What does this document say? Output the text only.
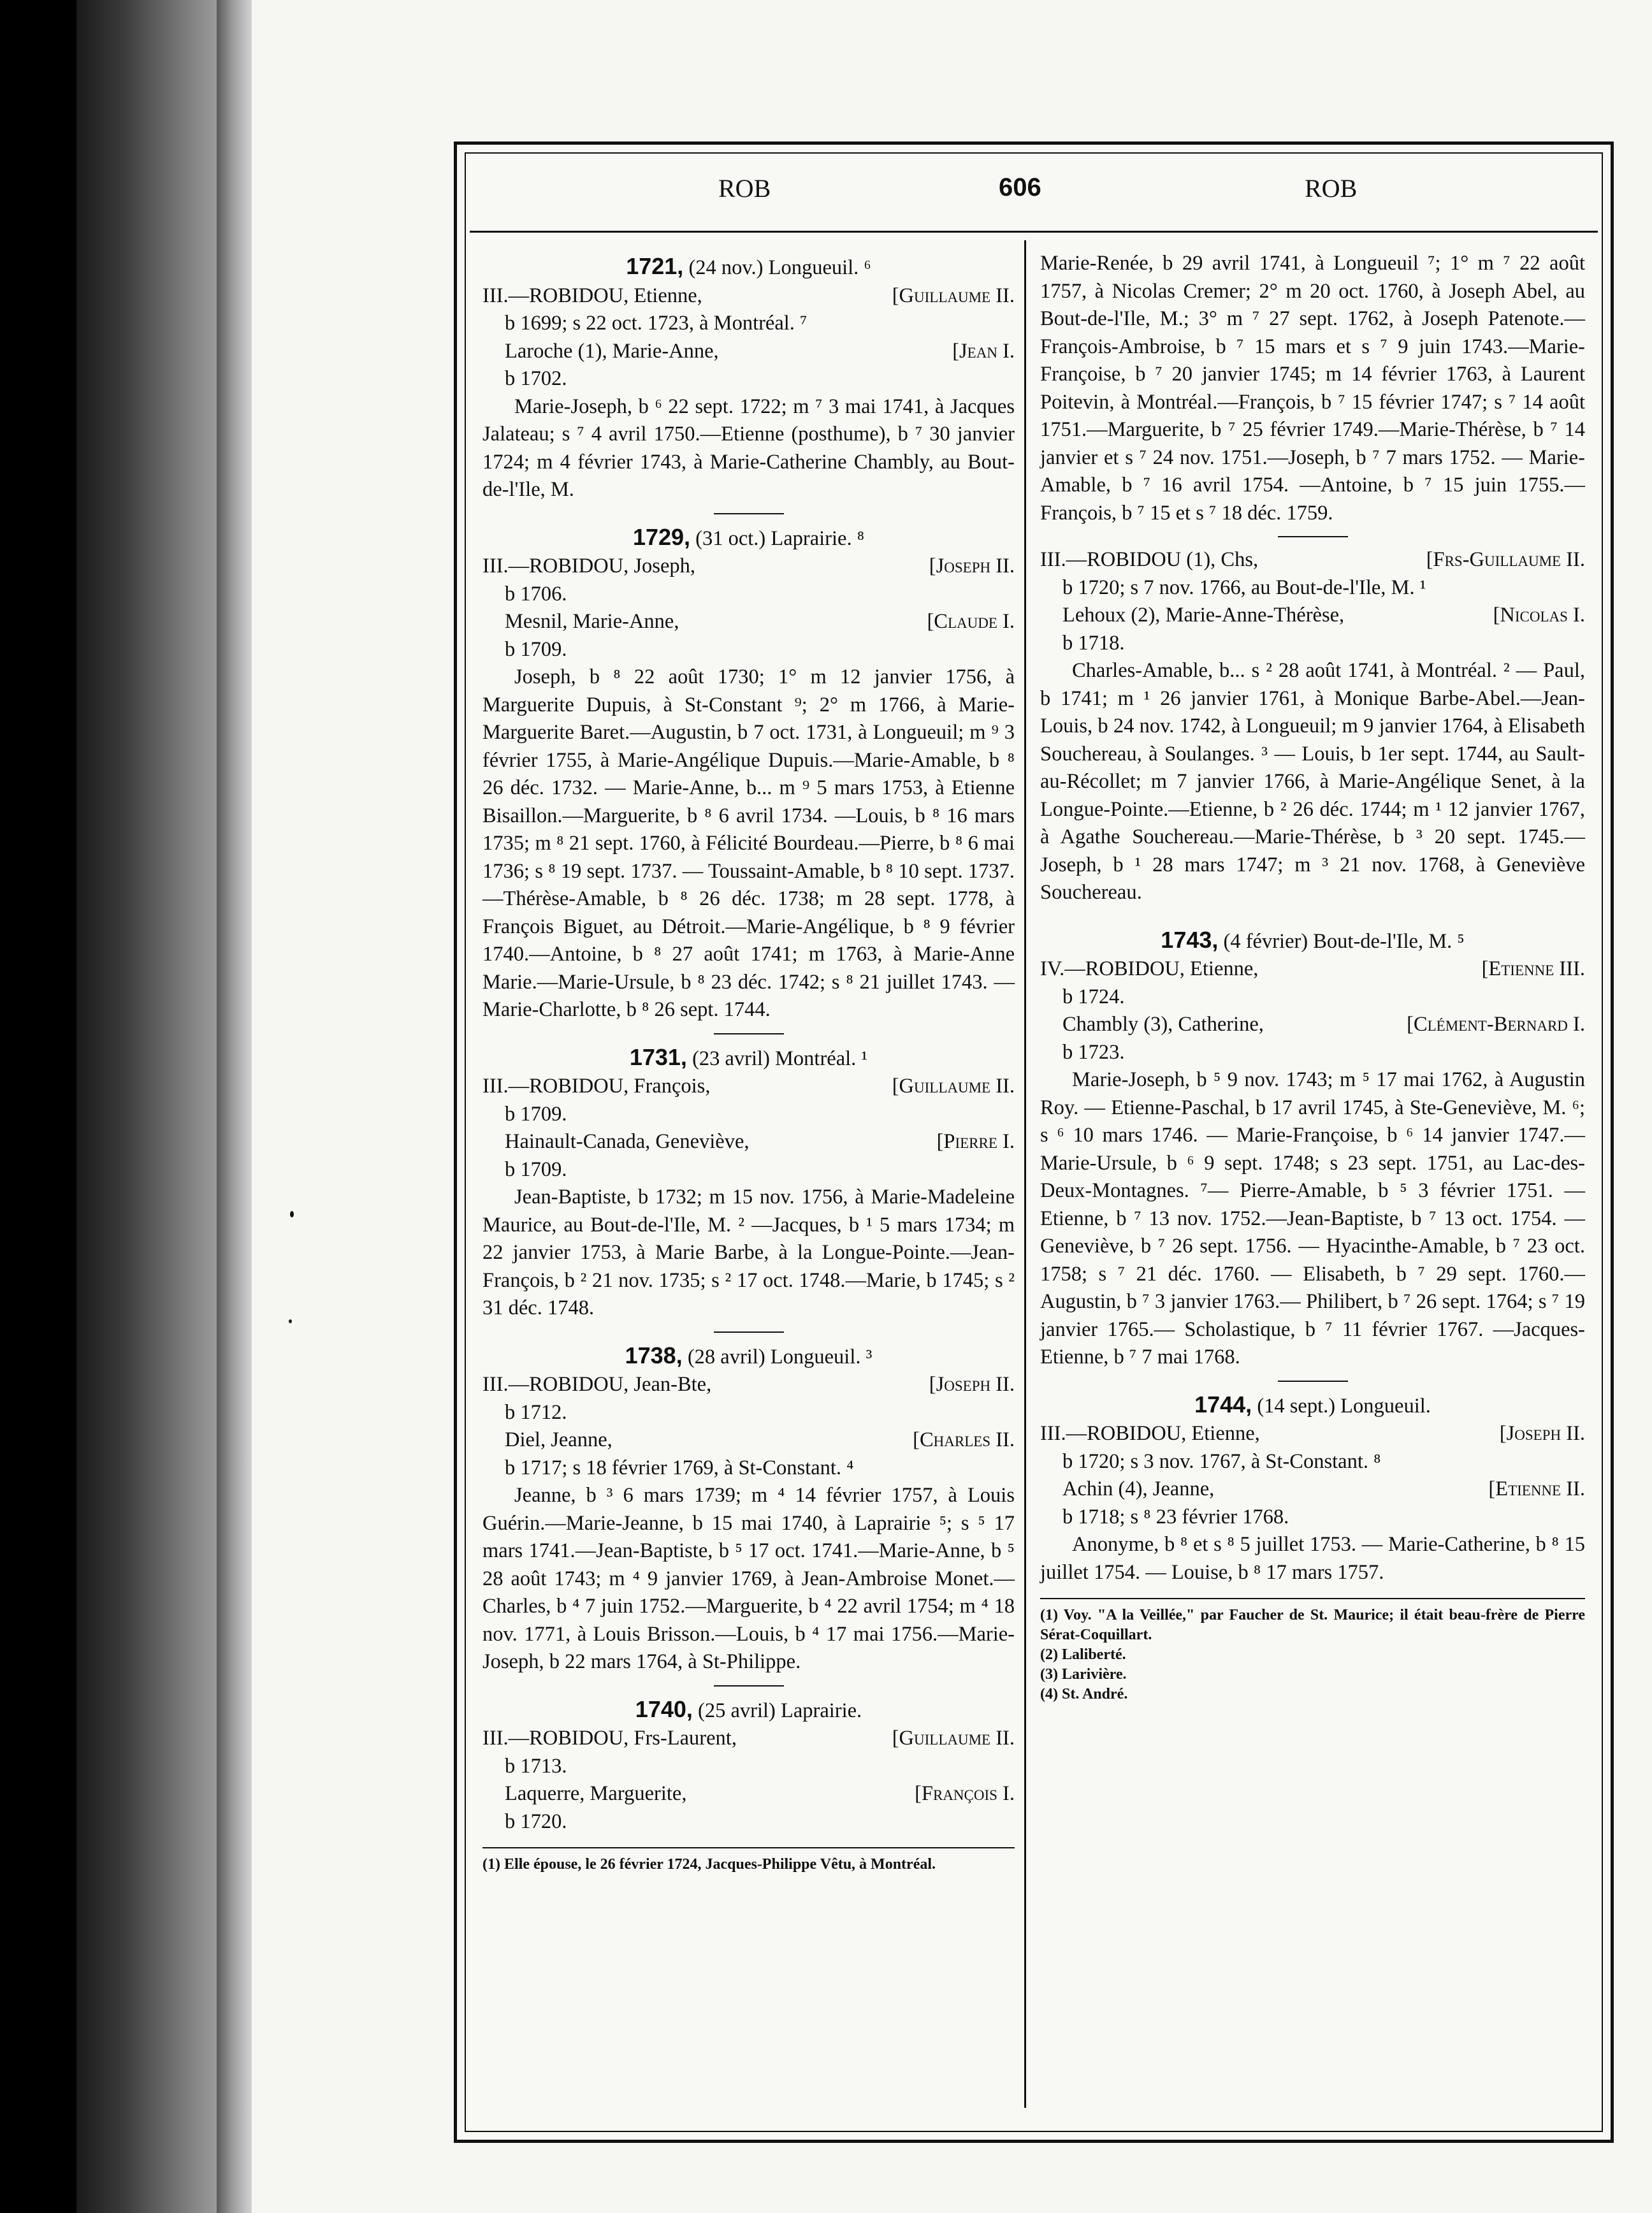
ROB	606	ROB

1721, (24 nov.) Longueuil. ⁶

III.—ROBIDOU, Etienne,	[Guillaume II.

b 1699; s 22 oct. 1723, à Montréal. ⁷

Laroche (1), Marie-Anne,	[Jean I.

b 1702.

Marie-Joseph, b ⁶ 22 sept. 1722; m ⁷ 3 mai 1741, à Jacques Jalateau; s ⁷ 4 avril 1750.—Etienne (posthume), b ⁷ 30 janvier 1724; m 4 février 1743, à Marie-Catherine Chambly, au Bout-de-l'Ile, M.

1729, (31 oct.) Laprairie. ⁸

III.—ROBIDOU, Joseph,	[Joseph II.

b 1706.

Mesnil, Marie-Anne,	[Claude I.

b 1709.

Joseph, b ⁸ 22 août 1730; 1° m 12 janvier 1756, à Marguerite Dupuis, à St-Constant ⁹; 2° m 1766, à Marie-Marguerite Baret.—Augustin, b 7 oct. 1731, à Longueuil; m ⁹ 3 février 1755, à Marie-Angélique Dupuis.—Marie-Amable, b ⁸ 26 déc. 1732. — Marie-Anne, b... m ⁹ 5 mars 1753, à Etienne Bisaillon.—Marguerite, b ⁸ 6 avril 1734. —Louis, b ⁸ 16 mars 1735; m ⁸ 21 sept. 1760, à Félicité Bourdeau.—Pierre, b ⁸ 6 mai 1736; s ⁸ 19 sept. 1737. — Toussaint-Amable, b ⁸ 10 sept. 1737.—Thérèse-Amable, b ⁸ 26 déc. 1738; m 28 sept. 1778, à François Biguet, au Détroit.—Marie-Angélique, b ⁸ 9 février 1740.—Antoine, b ⁸ 27 août 1741; m 1763, à Marie-Anne Marie.—Marie-Ursule, b ⁸ 23 déc. 1742; s ⁸ 21 juillet 1743. —Marie-Charlotte, b ⁸ 26 sept. 1744.

1731, (23 avril) Montréal. ¹

III.—ROBIDOU, François,	[Guillaume II.

b 1709.

Hainault-Canada, Geneviève,	[Pierre I.

b 1709.

Jean-Baptiste, b 1732; m 15 nov. 1756, à Marie-Madeleine Maurice, au Bout-de-l'Ile, M. ² —Jacques, b ¹ 5 mars 1734; m 22 janvier 1753, à Marie Barbe, à la Longue-Pointe.—Jean-François, b ² 21 nov. 1735; s ² 17 oct. 1748.—Marie, b 1745; s ² 31 déc. 1748.

1738, (28 avril) Longueuil. ³

III.—ROBIDOU, Jean-Bte,	[Joseph II.

b 1712.

Diel, Jeanne,	[Charles II.

b 1717; s 18 février 1769, à St-Constant. ⁴

Jeanne, b ³ 6 mars 1739; m ⁴ 14 février 1757, à Louis Guérin.—Marie-Jeanne, b 15 mai 1740, à Laprairie ⁵; s ⁵ 17 mars 1741.—Jean-Baptiste, b ⁵ 17 oct. 1741.—Marie-Anne, b ⁵ 28 août 1743; m ⁴ 9 janvier 1769, à Jean-Ambroise Monet.—Charles, b ⁴ 7 juin 1752.—Marguerite, b ⁴ 22 avril 1754; m ⁴ 18 nov. 1771, à Louis Brisson.—Louis, b ⁴ 17 mai 1756.—Marie-Joseph, b 22 mars 1764, à St-Philippe.

1740, (25 avril) Laprairie.

III.—ROBIDOU, Frs-Laurent,	[Guillaume II.

b 1713.

Laquerre, Marguerite,	[François I.

b 1720.

(1) Elle épouse, le 26 février 1724, Jacques-Philippe Vêtu, à Montréal.

Marie-Renée, b 29 avril 1741, à Longueuil ⁷; 1° m ⁷ 22 août 1757, à Nicolas Cremer; 2° m 20 oct. 1760, à Joseph Abel, au Bout-de-l'Ile, M.; 3° m ⁷ 27 sept. 1762, à Joseph Patenote.—François-Ambroise, b ⁷ 15 mars et s ⁷ 9 juin 1743.—Marie-Françoise, b ⁷ 20 janvier 1745; m 14 février 1763, à Laurent Poitevin, à Montréal.—François, b ⁷ 15 février 1747; s ⁷ 14 août 1751.—Marguerite, b ⁷ 25 février 1749.—Marie-Thérèse, b ⁷ 14 janvier et s ⁷ 24 nov. 1751.—Joseph, b ⁷ 7 mars 1752. — Marie-Amable, b ⁷ 16 avril 1754. —Antoine, b ⁷ 15 juin 1755.— François, b ⁷ 15 et s ⁷ 18 déc. 1759.

III.—ROBIDOU (1), Chs,	[Frs-Guillaume II.

b 1720; s 7 nov. 1766, au Bout-de-l'Ile, M. ¹

Lehoux (2), Marie-Anne-Thérèse,	[Nicolas I.

b 1718.

Charles-Amable, b... s ² 28 août 1741, à Montréal. ² — Paul, b 1741; m ¹ 26 janvier 1761, à Monique Barbe-Abel.—Jean-Louis, b 24 nov. 1742, à Longueuil; m 9 janvier 1764, à Elisabeth Souchereau, à Soulanges. ³ — Louis, b 1er sept. 1744, au Sault-au-Récollet; m 7 janvier 1766, à Marie-Angélique Senet, à la Longue-Pointe.—Etienne, b ² 26 déc. 1744; m ¹ 12 janvier 1767, à Agathe Souchereau.—Marie-Thérèse, b ³ 20 sept. 1745.—Joseph, b ¹ 28 mars 1747; m ³ 21 nov. 1768, à Geneviève Souchereau.

1743, (4 février) Bout-de-l'Ile, M. ⁵

IV.—ROBIDOU, Etienne,	[Etienne III.

b 1724.

Chambly (3), Catherine,	[Clément-Bernard I.

b 1723.

Marie-Joseph, b ⁵ 9 nov. 1743; m ⁵ 17 mai 1762, à Augustin Roy. — Etienne-Paschal, b 17 avril 1745, à Ste-Geneviève, M. ⁶; s ⁶ 10 mars 1746. — Marie-Françoise, b ⁶ 14 janvier 1747.—Marie-Ursule, b ⁶ 9 sept. 1748; s 23 sept. 1751, au Lac-des-Deux-Montagnes. ⁷— Pierre-Amable, b ⁵ 3 février 1751. — Etienne, b ⁷ 13 nov. 1752.—Jean-Baptiste, b ⁷ 13 oct. 1754. — Geneviève, b ⁷ 26 sept. 1756. — Hyacinthe-Amable, b ⁷ 23 oct. 1758; s ⁷ 21 déc. 1760. — Elisabeth, b ⁷ 29 sept. 1760.—Augustin, b ⁷ 3 janvier 1763.— Philibert, b ⁷ 26 sept. 1764; s ⁷ 19 janvier 1765.— Scholastique, b ⁷ 11 février 1767. —Jacques-Etienne, b ⁷ 7 mai 1768.

1744, (14 sept.) Longueuil.

III.—ROBIDOU, Etienne,	[Joseph II.

b 1720; s 3 nov. 1767, à St-Constant. ⁸

Achin (4), Jeanne,	[Etienne II.

b 1718; s ⁸ 23 février 1768.

Anonyme, b ⁸ et s ⁸ 5 juillet 1753. — Marie-Catherine, b ⁸ 15 juillet 1754. — Louise, b ⁸ 17 mars 1757.

(1) Voy. "A la Veillée," par Faucher de St. Maurice; il était beau-frère de Pierre Sérat-Coquillart.

(2) Laliberté.

(3) Larivière.

(4) St. André.
